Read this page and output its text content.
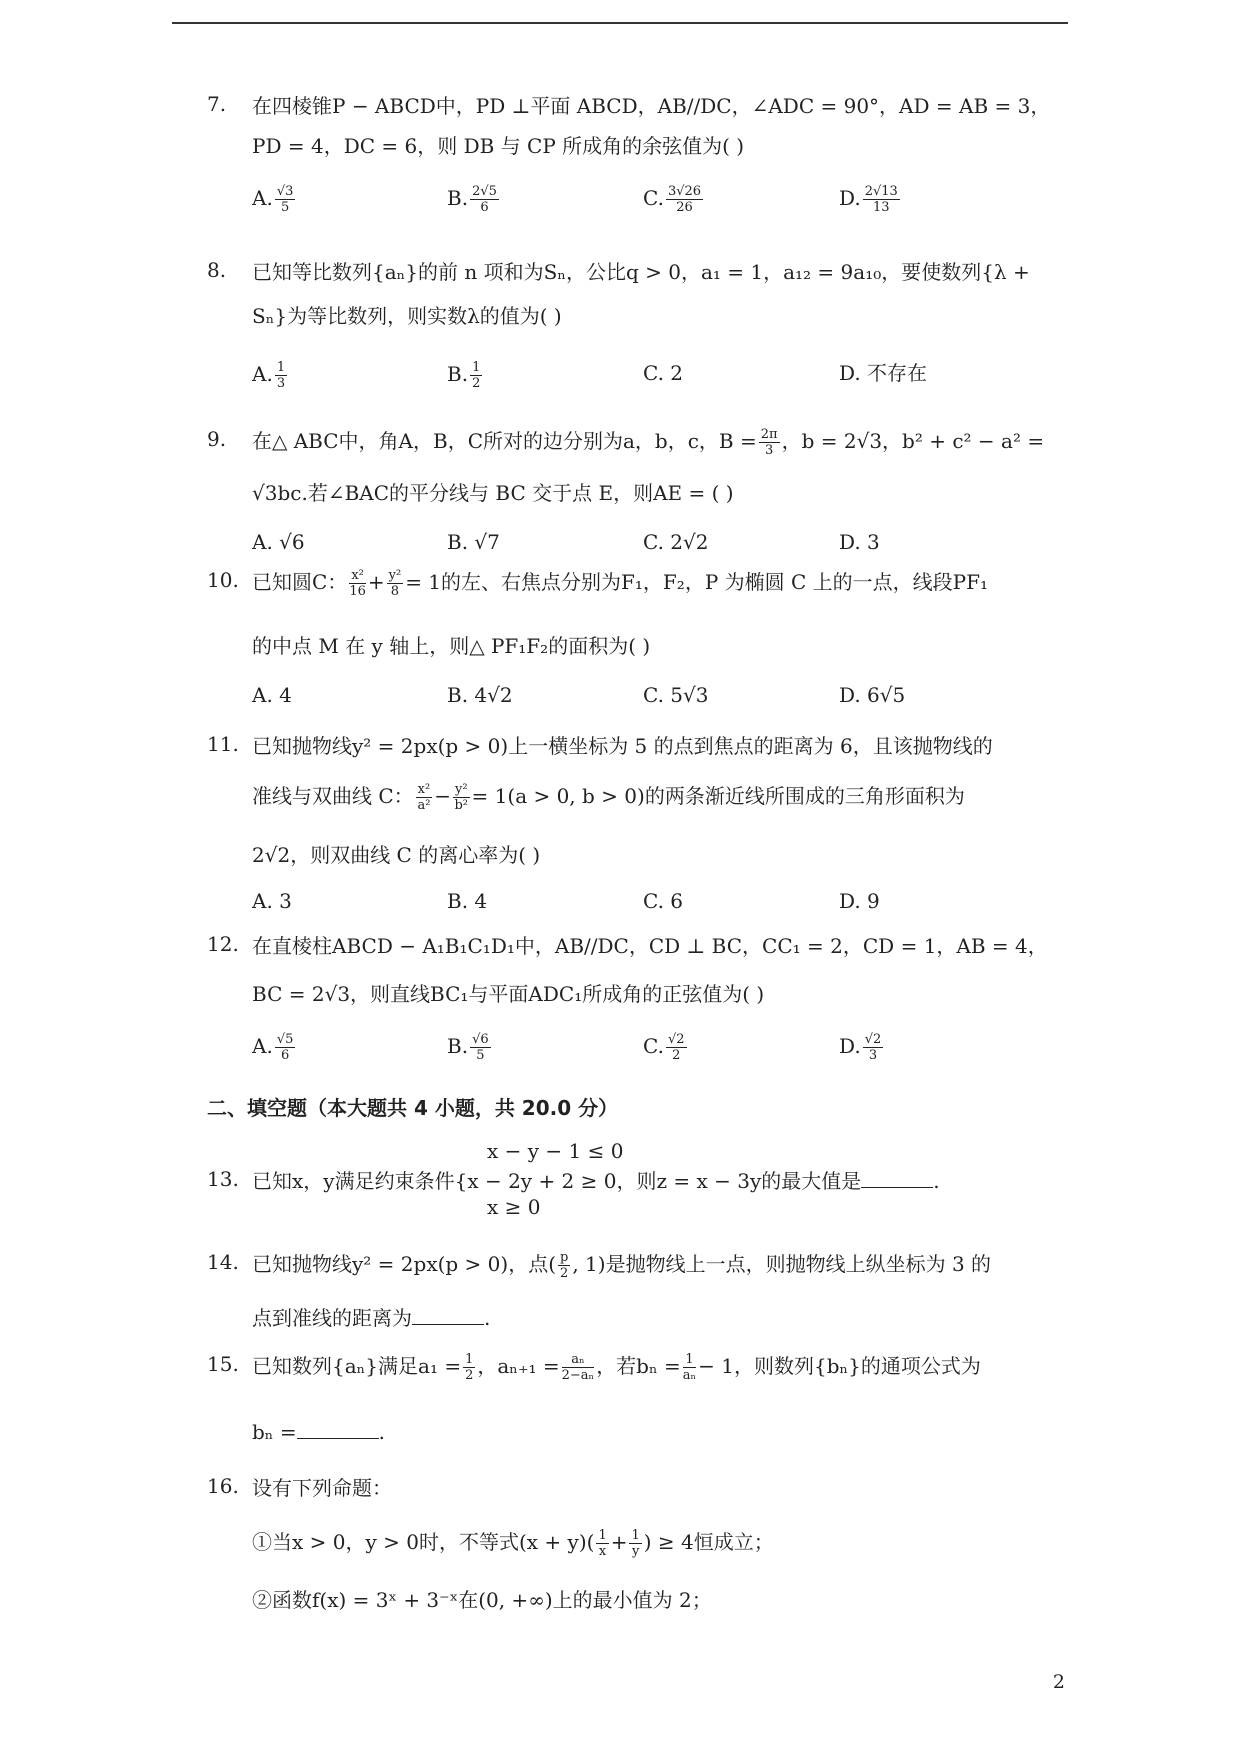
7. 在四棱锥P − ABCD中，PD ⊥平面 ABCD，AB//DC，∠ADC = 90°，AD = AB = 3，
PD = 4，DC = 6，则 DB 与 CP 所成角的余弦值为( )
A. $\frac{√3}{5}$	B. $\frac{2√5}{6}$	C. $\frac{3√26}{26}$	D. $\frac{2√13}{13}$
8. 已知等比数列{aₙ}的前 n 项和为Sₙ，公比q > 0，a₁ = 1，a₁₂ = 9a₁₀，要使数列{λ +
Sₙ}为等比数列，则实数λ的值为( )
A. $\frac{1}{3}$	B. $\frac{1}{2}$	C. 2	D. 不存在
9. 在△ ABC中，角A，B，C所对的边分别为a，b，c，$B = \frac{2\pi}{3}$ ，b = 2√3，b² + c² − a² =
√3bc.若∠BAC的平分线与 BC 交于点 E，则AE = ( )
A. √6	B. √7	C. 2√2	D. 3
10. 已知圆C： $\frac{\text{x²}}{16} + \frac{\text{y²}}{8} = 1$的左、右焦点分别为F₁，F₂，P 为椭圆 C 上的一点，线段PF₁
的中点 M 在 y 轴上，则△ PF₁F₂的面积为( )
A. 4	B. 4√2	C. 5√3	D. 6√5
11. 已知抛物线y² = 2px(p > 0)上一横坐标为 5 的点到焦点的距离为 6，且该抛物线的
准线与双曲线 C： $\frac{\text{x²}}{\text{a²}} - \frac{\text{y²}}{\text{b²}} = 1(a > 0$, b > 0)的两条渐近线所围成的三角形面积为
2√2，则双曲线 C 的离心率为( )
A. 3	B. 4	C. 6	D. 9
12. 在直棱柱ABCD − A₁B₁C₁D₁中，AB//DC，CD ⊥ BC，CC₁ = 2，CD = 1，AB = 4，
BC = 2√3，则直线BC₁与平面ADC₁所成角的正弦值为( )
A. $\frac{√5}{6}$	B. $\frac{√6}{5}$	C. $\frac{√2}{2}$	D. $\frac{√2}{3}$
二、填空题（本大题共 4 小题，共 20.0 分）
x − y − 1 ≤ 0
13. 已知x，y满足约束条件{x − 2y + 2 ≥ 0，则z = x − 3y的最大值是	.
x ≥ 0
14. 已知抛物线y² = 2px(p > 0)，点( $\frac{p}{2}$ , 1)是抛物线上一点，则抛物线上纵坐标为 3 的
点到准线的距离为	.
15. 已知数列{aₙ}满足$a_1 = \frac{1}{2}$ ，$a_{n+1} = \frac{\text{aₙ}}{\text{2−aₙ}}$ ，若$b_n = \frac{1}{\text{aₙ}} - 1$，则数列{bₙ}的通项公式为
bₙ =	.
16. 设有下列命题：
①当x > 0，y > 0时，不等式$(x + y)( \frac{1}{x} + \frac{1}{y}$ ) ≥ 4恒成立；
②函数f(x) = 3ˣ + 3⁻ˣ在(0, +∞)上的最小值为 2；
2
